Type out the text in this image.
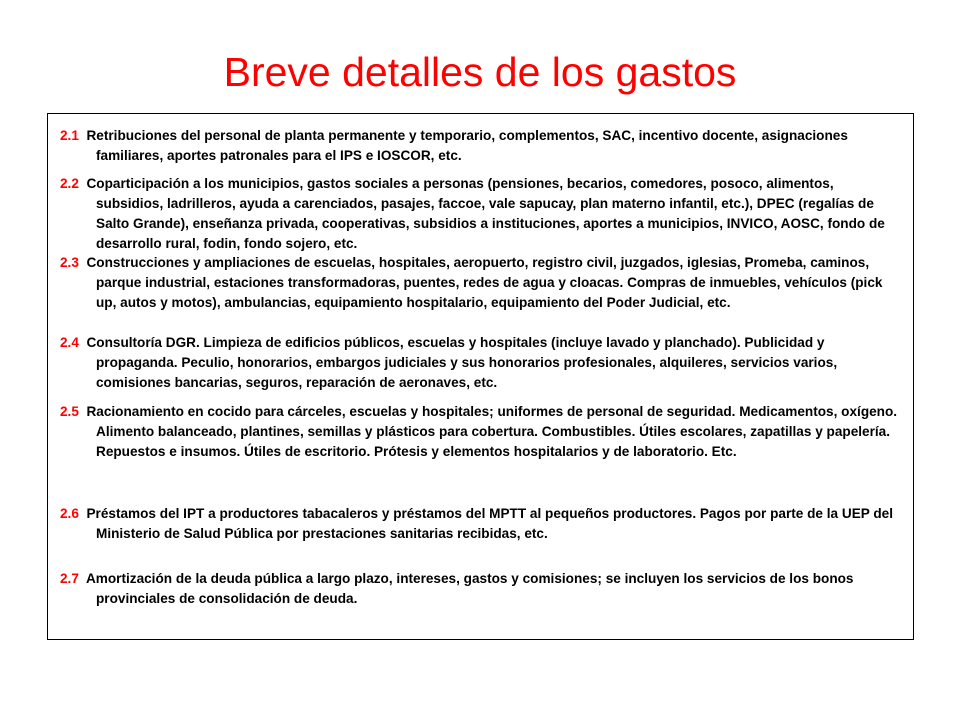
Breve detalles de los gastos

2.1 Retribuciones del personal de planta permanente y temporario, complementos, SAC, incentivo docente, asignaciones familiares, aportes patronales para el IPS e IOSCOR, etc.

2.2 Coparticipación a los municipios, gastos sociales a personas (pensiones, becarios, comedores, posoco, alimentos, subsidios, ladrilleros, ayuda a carenciados, pasajes, faccoe, vale sapucay, plan materno infantil, etc.), DPEC (regalías de Salto Grande), enseñanza privada, cooperativas, subsidios a instituciones, aportes a municipios, INVICO, AOSC, fondo de desarrollo rural, fodin, fondo sojero, etc.

2.3 Construcciones y ampliaciones de escuelas, hospitales, aeropuerto, registro civil, juzgados, iglesias, Promeba, caminos, parque industrial, estaciones transformadoras, puentes, redes de agua y cloacas. Compras de inmuebles, vehículos (pick up, autos y motos), ambulancias, equipamiento hospitalario, equipamiento del Poder Judicial, etc.

2.4 Consultoría DGR. Limpieza de edificios públicos, escuelas y hospitales (incluye lavado y planchado). Publicidad y propaganda. Peculio, honorarios, embargos judiciales y sus honorarios profesionales, alquileres, servicios varios, comisiones bancarias, seguros, reparación de aeronaves, etc.

2.5 Racionamiento en cocido para cárceles, escuelas y hospitales; uniformes de personal de seguridad. Medicamentos, oxígeno. Alimento balanceado, plantines, semillas y plásticos para cobertura. Combustibles. Útiles escolares, zapatillas y papelería. Repuestos e insumos. Útiles de escritorio. Prótesis y elementos hospitalarios y de laboratorio. Etc.

2.6 Préstamos del IPT a productores tabacaleros y préstamos del MPTT al pequeños productores. Pagos por parte de la UEP del Ministerio de Salud Pública por prestaciones sanitarias recibidas, etc.

2.7 Amortización de la deuda pública a largo plazo, intereses, gastos y comisiones; se incluyen los servicios de los bonos provinciales de consolidación de deuda.
